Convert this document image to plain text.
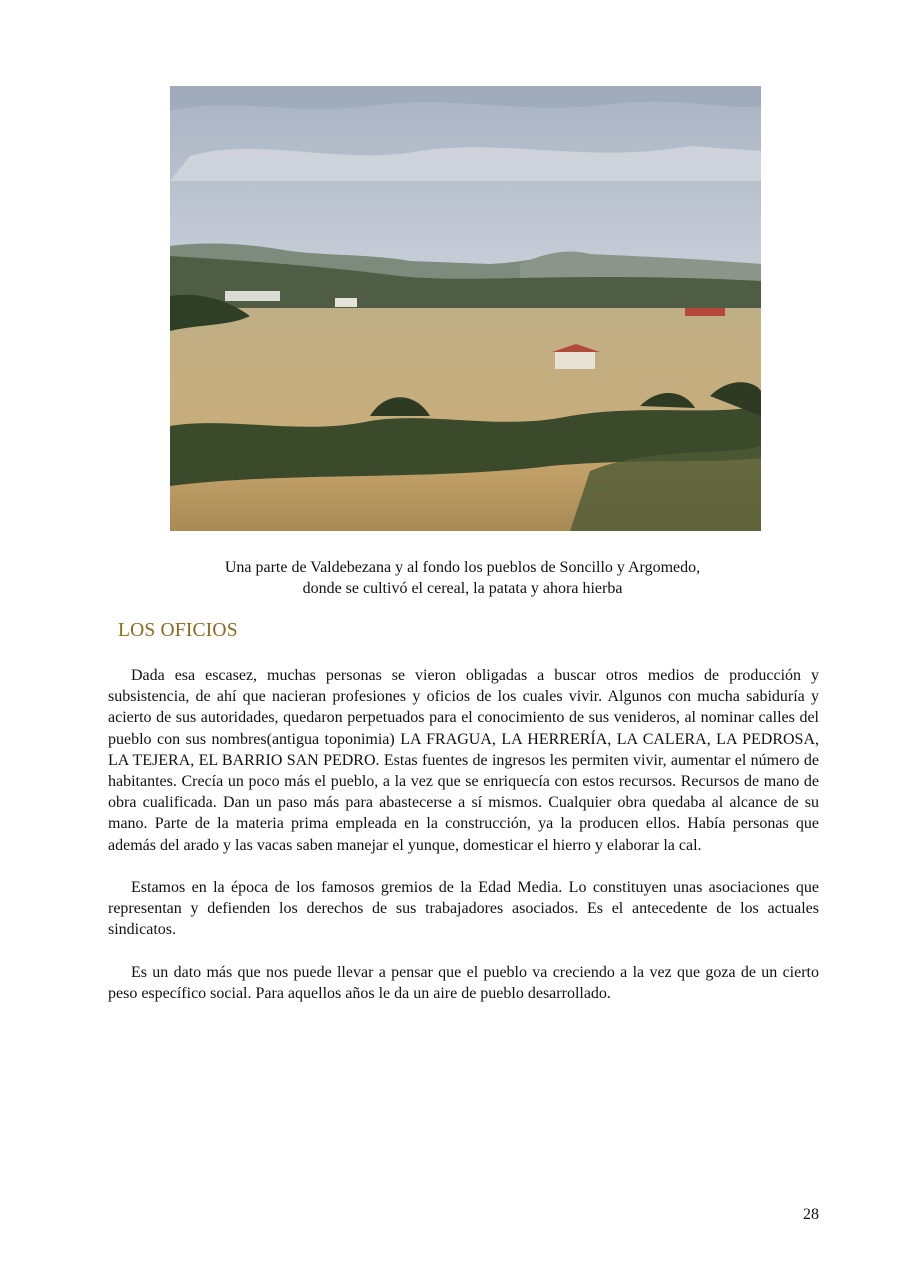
Una parte de Valdebezana y al fondo los pueblos de Soncillo y Argomedo,
donde se cultivó el cereal, la patata y ahora hierba
LOS OFICIOS

Dada esa escasez, muchas personas se vieron obligadas a buscar otros medios de producción y subsistencia, de ahí que nacieran profesiones y oficios de los cuales vivir. Algunos con mucha sabiduría y acierto de sus autoridades, quedaron perpetuados para el conocimiento de sus venideros, al nominar calles del pueblo con sus nombres(antigua toponimia) LA FRAGUA, LA HERRERÍA, LA CALERA, LA PEDROSA, LA TEJERA, EL BARRIO SAN PEDRO. Estas fuentes de ingresos les permiten vivir, aumentar el número de habitantes. Crecía un poco más el pueblo, a la vez que se enriquecía con estos recursos. Recursos de mano de obra cualificada. Dan un paso más para abastecerse a sí mismos. Cualquier obra quedaba al alcance de su mano. Parte de la materia prima empleada en la construcción, ya la producen ellos. Había personas que además del arado y las vacas saben manejar el yunque, domesticar el hierro y elaborar la cal.

Estamos en la época de los famosos gremios de la Edad Media. Lo constituyen unas asociaciones que representan y defienden los derechos de sus trabajadores asociados. Es el antecedente de los actuales sindicatos.

Es un dato más que nos puede llevar a pensar que el pueblo va creciendo a la vez que goza de un cierto peso específico social. Para aquellos años le da un aire de pueblo desarrollado.

28
